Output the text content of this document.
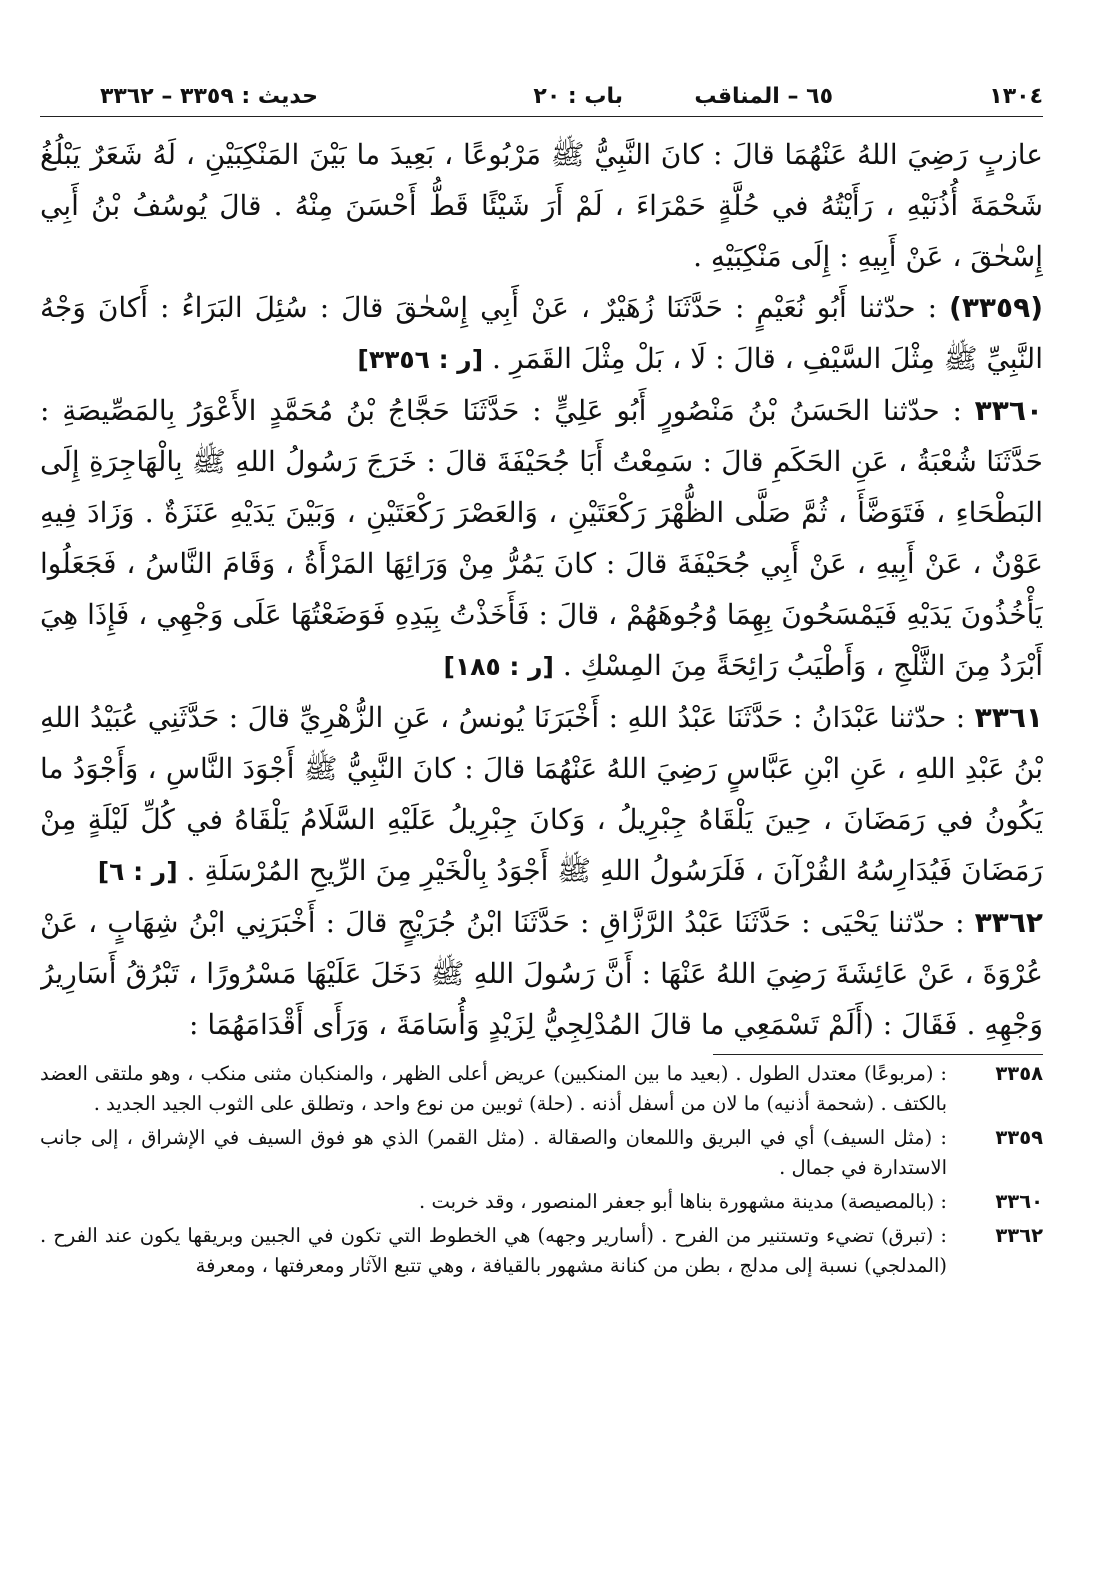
١٣٠٤
٦٥ – المناقب
باب : ٢٠
حديث : ٣٣٥٩ – ٣٣٦٢

عازبٍ رَضِيَ اللهُ عَنْهُمَا قالَ : كانَ النَّبِيُّ ﷺ مَرْبُوعًا ، بَعِيدَ ما بَيْنَ المَنْكِبَيْنِ ، لَهُ شَعَرٌ يَبْلُغُ شَحْمَةَ أُذُنَيْهِ ، رَأَيْتُهُ في حُلَّةٍ حَمْرَاءَ ، لَمْ أَرَ شَيْئًا قَطُّ أَحْسَنَ مِنْهُ . قالَ يُوسُفُ بْنُ أَبِي إِسْحٰقَ ، عَنْ أَبِيهِ : إِلَى مَنْكِبَيْهِ .

(٣٣٥٩) : حدّثنا أَبُو نُعَيْمٍ : حَدَّثَنَا زُهَيْرٌ ، عَنْ أَبِي إِسْحٰقَ قالَ : سُئِلَ البَرَاءُ : أَكانَ وَجْهُ النَّبِيِّ ﷺ مِثْلَ السَّيْفِ ، قالَ : لَا ، بَلْ مِثْلَ القَمَرِ . [ر : ٣٣٥٦]

٣٣٦٠ : حدّثنا الحَسَنُ بْنُ مَنْصُورٍ أَبُو عَلِيٍّ : حَدَّثَنَا حَجَّاجُ بْنُ مُحَمَّدٍ الأَعْوَرُ بِالمَصِّيصَةِ : حَدَّثَنَا شُعْبَةُ ، عَنِ الحَكَمِ قالَ : سَمِعْتُ أَبَا جُحَيْفَةَ قالَ : خَرَجَ رَسُولُ اللهِ ﷺ بِالْهَاجِرَةِ إِلَى البَطْحَاءِ ، فَتَوَضَّأَ ، ثُمَّ صَلَّى الظُّهْرَ رَكْعَتَيْنِ ، وَالعَصْرَ رَكْعَتَيْنِ ، وَبَيْنَ يَدَيْهِ عَنَزَةٌ . وَزَادَ فِيهِ عَوْنٌ ، عَنْ أَبِيهِ ، عَنْ أَبِي جُحَيْفَةَ قالَ : كانَ يَمُرُّ مِنْ وَرَائِهَا المَرْأَةُ ، وَقَامَ النَّاسُ ، فَجَعَلُوا يَأْخُذُونَ يَدَيْهِ فَيَمْسَحُونَ بِهِمَا وُجُوهَهُمْ ، قالَ : فَأَخَذْتُ بِيَدِهِ فَوَضَعْتُهَا عَلَى وَجْهِي ، فَإِذَا هِيَ أَبْرَدُ مِنَ الثَّلْجِ ، وَأَطْيَبُ رَائِحَةً مِنَ المِسْكِ . [ر : ١٨٥]

٣٣٦١ : حدّثنا عَبْدَانُ : حَدَّثَنَا عَبْدُ اللهِ : أَخْبَرَنَا يُونسُ ، عَنِ الزُّهْرِيِّ قالَ : حَدَّثَنِي عُبَيْدُ اللهِ بْنُ عَبْدِ اللهِ ، عَنِ ابْنِ عَبَّاسٍ رَضِيَ اللهُ عَنْهُمَا قالَ : كانَ النَّبِيُّ ﷺ أَجْوَدَ النَّاسِ ، وَأَجْوَدُ ما يَكُونُ في رَمَضَانَ ، حِينَ يَلْقَاهُ جِبْرِيلُ ، وَكانَ جِبْرِيلُ عَلَيْهِ السَّلَامُ يَلْقَاهُ في كُلِّ لَيْلَةٍ مِنْ رَمَضَانَ فَيُدَارِسُهُ القُرْآنَ ، فَلَرَسُولُ اللهِ ﷺ أَجْوَدُ بِالْخَيْرِ مِنَ الرِّيحِ المُرْسَلَةِ . [ر : ٦]

٣٣٦٢ : حدّثنا يَحْيَى : حَدَّثَنَا عَبْدُ الرَّزَّاقِ : حَدَّثَنَا ابْنُ جُرَيْجٍ قالَ : أَخْبَرَنِي ابْنُ شِهَابٍ ، عَنْ عُرْوَةَ ، عَنْ عَائِشَةَ رَضِيَ اللهُ عَنْهَا : أَنَّ رَسُولَ اللهِ ﷺ دَخَلَ عَلَيْهَا مَسْرُورًا ، تَبْرُقُ أَسَارِيرُ وَجْهِهِ . فَقَالَ : (أَلَمْ تَسْمَعِي ما قالَ المُدْلِجِيُّ لِزَيْدٍ وَأُسَامَةَ ، وَرَأَى أَقْدَامَهُمَا :

٣٣٥٨
: (مربوعًا) معتدل الطول . (بعيد ما بين المنكبين) عريض أعلى الظهر ، والمنكبان مثنى منكب ، وهو ملتقى العضد بالكتف . (شحمة أذنيه) ما لان من أسفل أذنه . (حلة) ثوبين من نوع واحد ، وتطلق على الثوب الجيد الجديد .
٣٣٥٩
: (مثل السيف) أي في البريق واللمعان والصقالة . (مثل القمر) الذي هو فوق السيف في الإشراق ، إلى جانب الاستدارة في جمال .
٣٣٦٠
: (بالمصيصة) مدينة مشهورة بناها أبو جعفر المنصور ، وقد خربت .
٣٣٦٢
: (تبرق) تضيء وتستنير من الفرح . (أسارير وجهه) هي الخطوط التي تكون في الجبين وبريقها يكون عند الفرح . (المدلجي) نسبة إلى مدلج ، بطن من كنانة مشهور بالقيافة ، وهي تتبع الآثار ومعرفتها ، ومعرفة
